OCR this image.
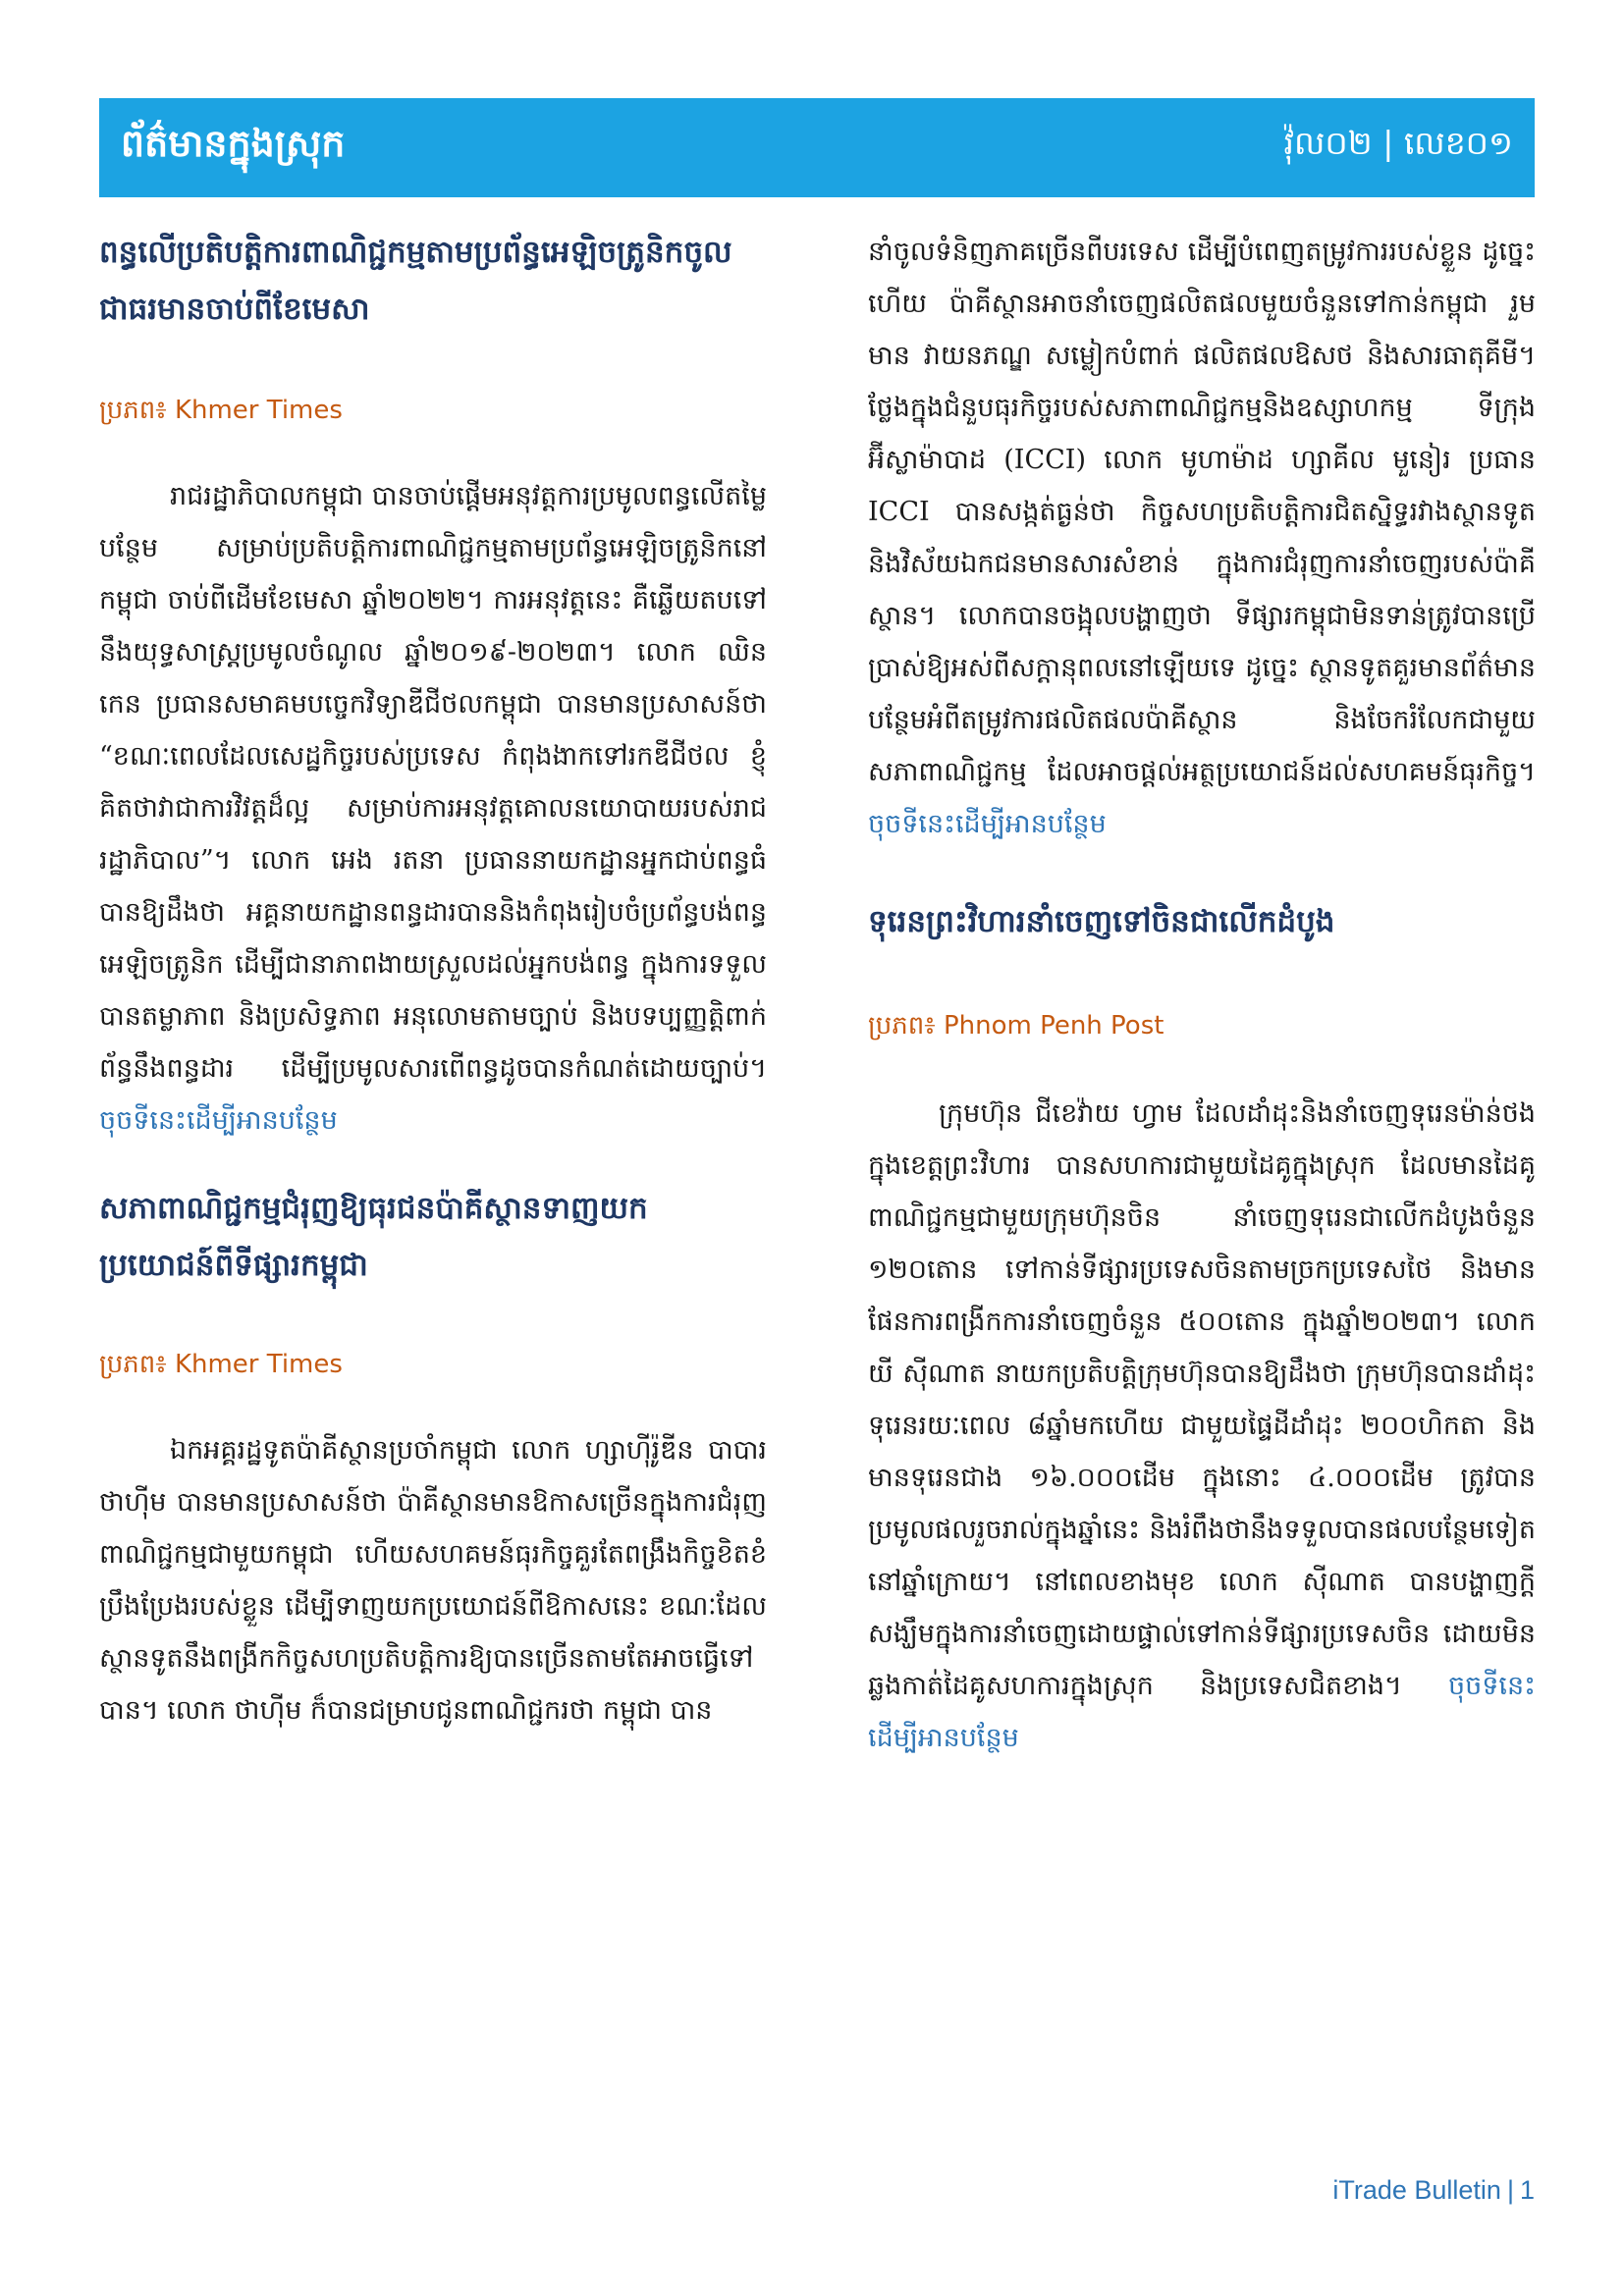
ព័ត៌មានក្នុងស្រុក	វ៉ុល០២ | លេខ០១
ពន្ធលើប្រតិបត្តិការពាណិជ្ជកម្មតាមប្រព័ន្ធអេឡិចត្រូនិកចូលជាធរមានចាប់ពីខែមេសា

ប្រភព៖ Khmer Times

រាជរដ្ឋាភិបាលកម្ពុជា បានចាប់ផ្ដើមអនុវត្តការប្រមូលពន្ធលើតម្លៃបន្ថែម សម្រាប់ប្រតិបត្តិការពាណិជ្ជកម្មតាមប្រព័ន្ធអេឡិចត្រូនិកនៅកម្ពុជា ចាប់ពីដើមខែមេសា ឆ្នាំ២០២២។ ការអនុវត្តនេះ គឺឆ្លើយតបទៅនឹងយុទ្ធសាស្ត្រប្រមូលចំណូល ឆ្នាំ២០១៩-២០២៣។ លោក ឈិន កេន ប្រធានសមាគមបច្ចេកវិទ្យាឌីជីថលកម្ពុជា បានមានប្រសាសន៍ថា “ខណៈពេលដែលសេដ្ឋកិច្ចរបស់ប្រទេស កំពុងងាកទៅរកឌីជីថល ខ្ញុំគិតថាវាជាការវិវត្តដ៏ល្អ សម្រាប់ការអនុវត្តគោលនយោបាយរបស់រាជរដ្ឋាភិបាល”។ លោក អេង រតនា ប្រធាននាយកដ្ឋានអ្នកជាប់ពន្ធធំ បានឱ្យដឹងថា អគ្គនាយកដ្ឋានពន្ធដារបាននិងកំពុងរៀបចំប្រព័ន្ធបង់ពន្ធអេឡិចត្រូនិក ដើម្បីជានាភាពងាយស្រួលដល់អ្នកបង់ពន្ធ ក្នុងការទទួលបានតម្លាភាព និងប្រសិទ្ធភាព អនុលោមតាមច្បាប់ និងបទប្បញ្ញត្តិពាក់ព័ន្ធនឹងពន្ធដារ ដើម្បីប្រមូលសារពើពន្ធដូចបានកំណត់ដោយច្បាប់។ ចុចទីនេះដើម្បីអានបន្ថែម

សភាពាណិជ្ជកម្មជំរុញឱ្យធុរជនប៉ាគីស្ថានទាញយកប្រយោជន៍ពីទីផ្សារកម្ពុជា

ប្រភព៖ Khmer Times

ឯកអគ្គរដ្ឋទូតប៉ាគីស្ថានប្រចាំកម្ពុជា លោក ហ្សាហ៊ីរ៉ូឌីន បាបារ ថាហ៊ីម បានមានប្រសាសន៍ថា ប៉ាគីស្ថានមានឱកាសច្រើនក្នុងការជំរុញពាណិជ្ជកម្មជាមួយកម្ពុជា ហើយសហគមន៍ធុរកិច្ចគួរតែពង្រឹងកិច្ចខិតខំប្រឹងប្រែងរបស់ខ្លួន ដើម្បីទាញយកប្រយោជន៍ពីឱកាសនេះ ខណៈដែលស្ថានទូតនឹងពង្រីកកិច្ចសហប្រតិបត្តិការឱ្យបានច្រើនតាមតែអាចធ្វើទៅបាន។ លោក ថាហ៊ីម ក៏បានជម្រាបជូនពាណិជ្ជករថា កម្ពុជា បាន

នាំចូលទំនិញភាគច្រើនពីបរទេស ដើម្បីបំពេញតម្រូវការរបស់ខ្លួន ដូច្នេះហើយ ប៉ាគីស្ថានអាចនាំចេញផលិតផលមួយចំនួនទៅកាន់កម្ពុជា រួមមាន វាយនភណ្ឌ សម្លៀកបំពាក់ ផលិតផលឱសថ និងសារធាតុគីមី។ ថ្លែងក្នុងជំនួបធុរកិច្ចរបស់សភាពាណិជ្ជកម្មនិងឧស្សាហកម្ម ទីក្រុងអ៊ីស្លាម៉ាបាដ (ICCI) លោក មូហាម៉ាដ ហ្សាគីល មួនៀរ ប្រធាន ICCI បានសង្កត់ធ្ងន់ថា កិច្ចសហប្រតិបត្តិការជិតស្និទ្ធរវាងស្ថានទូត និងវិស័យឯកជនមានសារសំខាន់ ក្នុងការជំរុញការនាំចេញរបស់ប៉ាគីស្ថាន។ លោកបានចង្អុលបង្ហាញថា ទីផ្សារកម្ពុជាមិនទាន់ត្រូវបានប្រើប្រាស់ឱ្យអស់ពីសក្ដានុពលនៅឡើយទេ ដូច្នេះ ស្ថានទូតគួរមានព័ត៌មានបន្ថែមអំពីតម្រូវការផលិតផលប៉ាគីស្ថាន និងចែករំលែកជាមួយសភាពាណិជ្ជកម្ម ដែលអាចផ្ដល់អត្ថប្រយោជន៍ដល់សហគមន៍ធុរកិច្ច។ ចុចទីនេះដើម្បីអានបន្ថែម

ទុរេនព្រះវិហារនាំចេញទៅចិនជាលើកដំបូង

ប្រភព៖ Phnom Penh Post

ក្រុមហ៊ុន ជីខេវ៉ាយ ហ្វាម ដែលដាំដុះនិងនាំចេញទុរេនម៉ាន់ថងក្នុងខេត្តព្រះវិហារ បានសហការជាមួយដៃគូក្នុងស្រុក ដែលមានដៃគូពាណិជ្ជកម្មជាមួយក្រុមហ៊ុនចិន នាំចេញទុរេនជាលើកដំបូងចំនួន ១២០តោន ទៅកាន់ទីផ្សារប្រទេសចិនតាមច្រកប្រទេសថៃ និងមានផែនការពង្រីកការនាំចេញចំនួន ៥០០តោន ក្នុងឆ្នាំ២០២៣។ លោក យី ស៊ីណាត នាយកប្រតិបត្តិក្រុមហ៊ុនបានឱ្យដឹងថា ក្រុមហ៊ុនបានដាំដុះទុរេនរយៈពេល ៨ឆ្នាំមកហើយ ជាមួយផ្ទៃដីដាំដុះ ២០០ហិកតា និងមានទុរេនជាង ១៦.០០០ដើម ក្នុងនោះ ៤.០០០ដើម ត្រូវបានប្រមូលផលរួចរាល់ក្នុងឆ្នាំនេះ និងរំពឹងថានឹងទទួលបានផលបន្ថែមទៀតនៅឆ្នាំក្រោយ។ នៅពេលខាងមុខ លោក ស៊ីណាត បានបង្ហាញក្ដីសង្ឃឹមក្នុងការនាំចេញដោយផ្ទាល់ទៅកាន់ទីផ្សារប្រទេសចិន ដោយមិនឆ្លងកាត់ដៃគូសហការក្នុងស្រុក និងប្រទេសជិតខាង។ ចុចទីនេះដើម្បីអានបន្ថែម

iTrade Bulletin | 1
